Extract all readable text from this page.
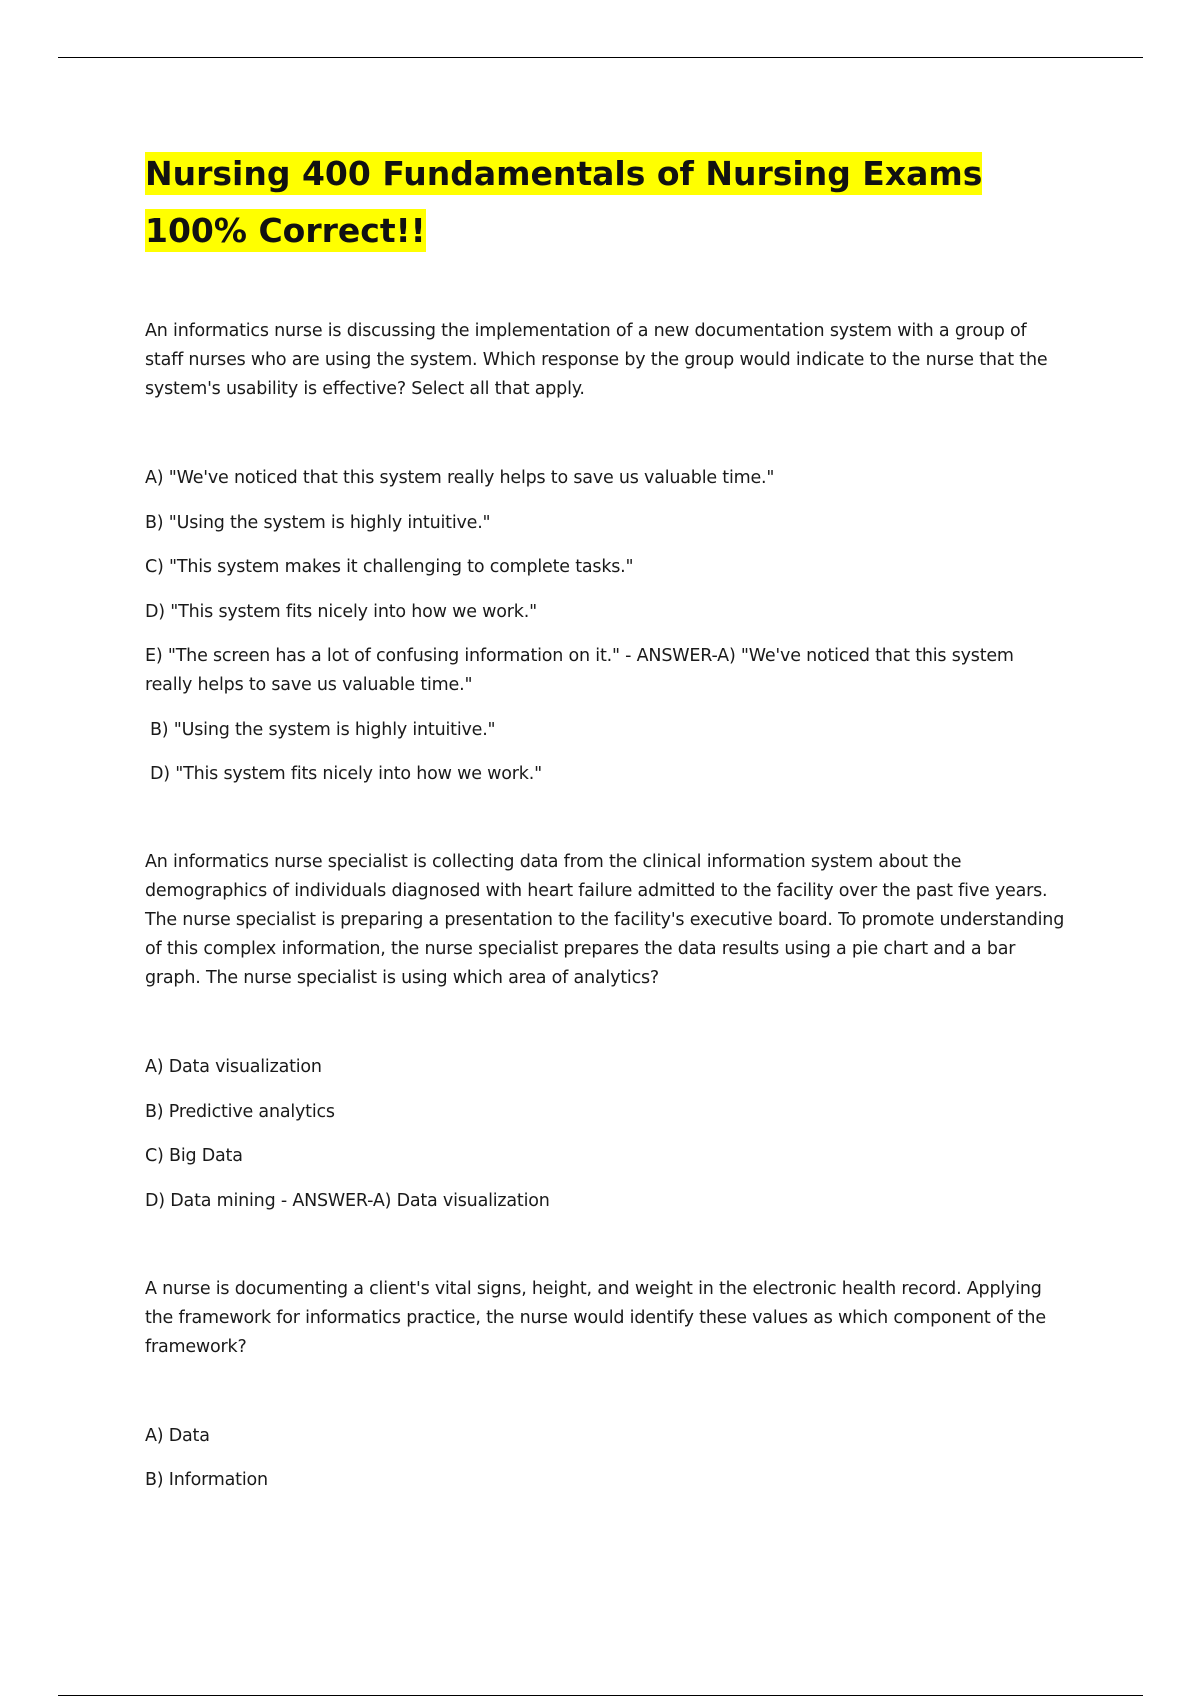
Nursing 400 Fundamentals of Nursing Exams
100% Correct!!

An informatics nurse is discussing the implementation of a new documentation system with a group of staff nurses who are using the system. Which response by the group would indicate to the nurse that the system's usability is effective? Select all that apply.

A) "We've noticed that this system really helps to save us valuable time."

B) "Using the system is highly intuitive."

C) "This system makes it challenging to complete tasks."

D) "This system fits nicely into how we work."

E) "The screen has a lot of confusing information on it." - ANSWER-A) "We've noticed that this system really helps to save us valuable time."

B) "Using the system is highly intuitive."

D) "This system fits nicely into how we work."

An informatics nurse specialist is collecting data from the clinical information system about the demographics of individuals diagnosed with heart failure admitted to the facility over the past five years. The nurse specialist is preparing a presentation to the facility's executive board. To promote understanding of this complex information, the nurse specialist prepares the data results using a pie chart and a bar graph. The nurse specialist is using which area of analytics?

A) Data visualization

B) Predictive analytics

C) Big Data

D) Data mining - ANSWER-A) Data visualization

A nurse is documenting a client's vital signs, height, and weight in the electronic health record. Applying the framework for informatics practice, the nurse would identify these values as which component of the framework?

A) Data

B) Information
